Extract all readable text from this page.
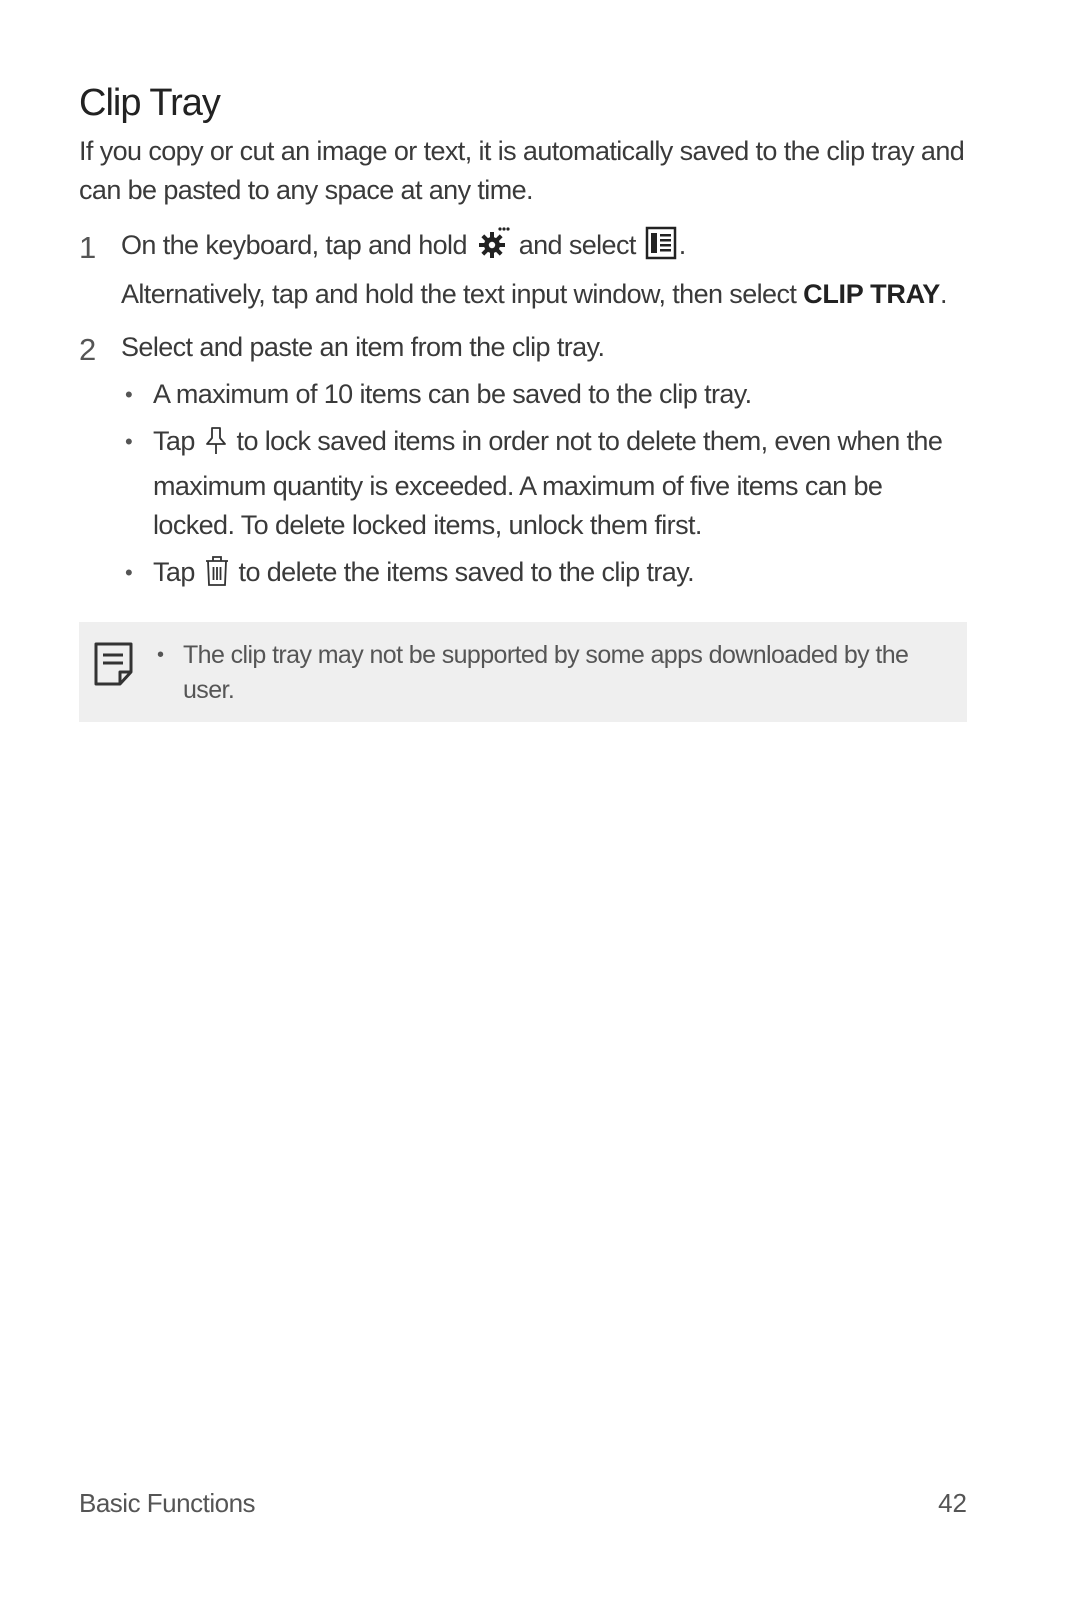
Clip Tray

If you copy or cut an image or text, it is automatically saved to the clip tray and can be pasted to any space at any time.

1 On the keyboard, tap and hold and select .
Alternatively, tap and hold the text input window, then select CLIP TRAY.
2 Select and paste an item from the clip tray.
• A maximum of 10 items can be saved to the clip tray.
• Tap to lock saved items in order not to delete them, even when the maximum quantity is exceeded. A maximum of five items can be locked. To delete locked items, unlock them first.
• Tap to delete the items saved to the clip tray.
• The clip tray may not be supported by some apps downloaded by the user.
Basic Functions	42
